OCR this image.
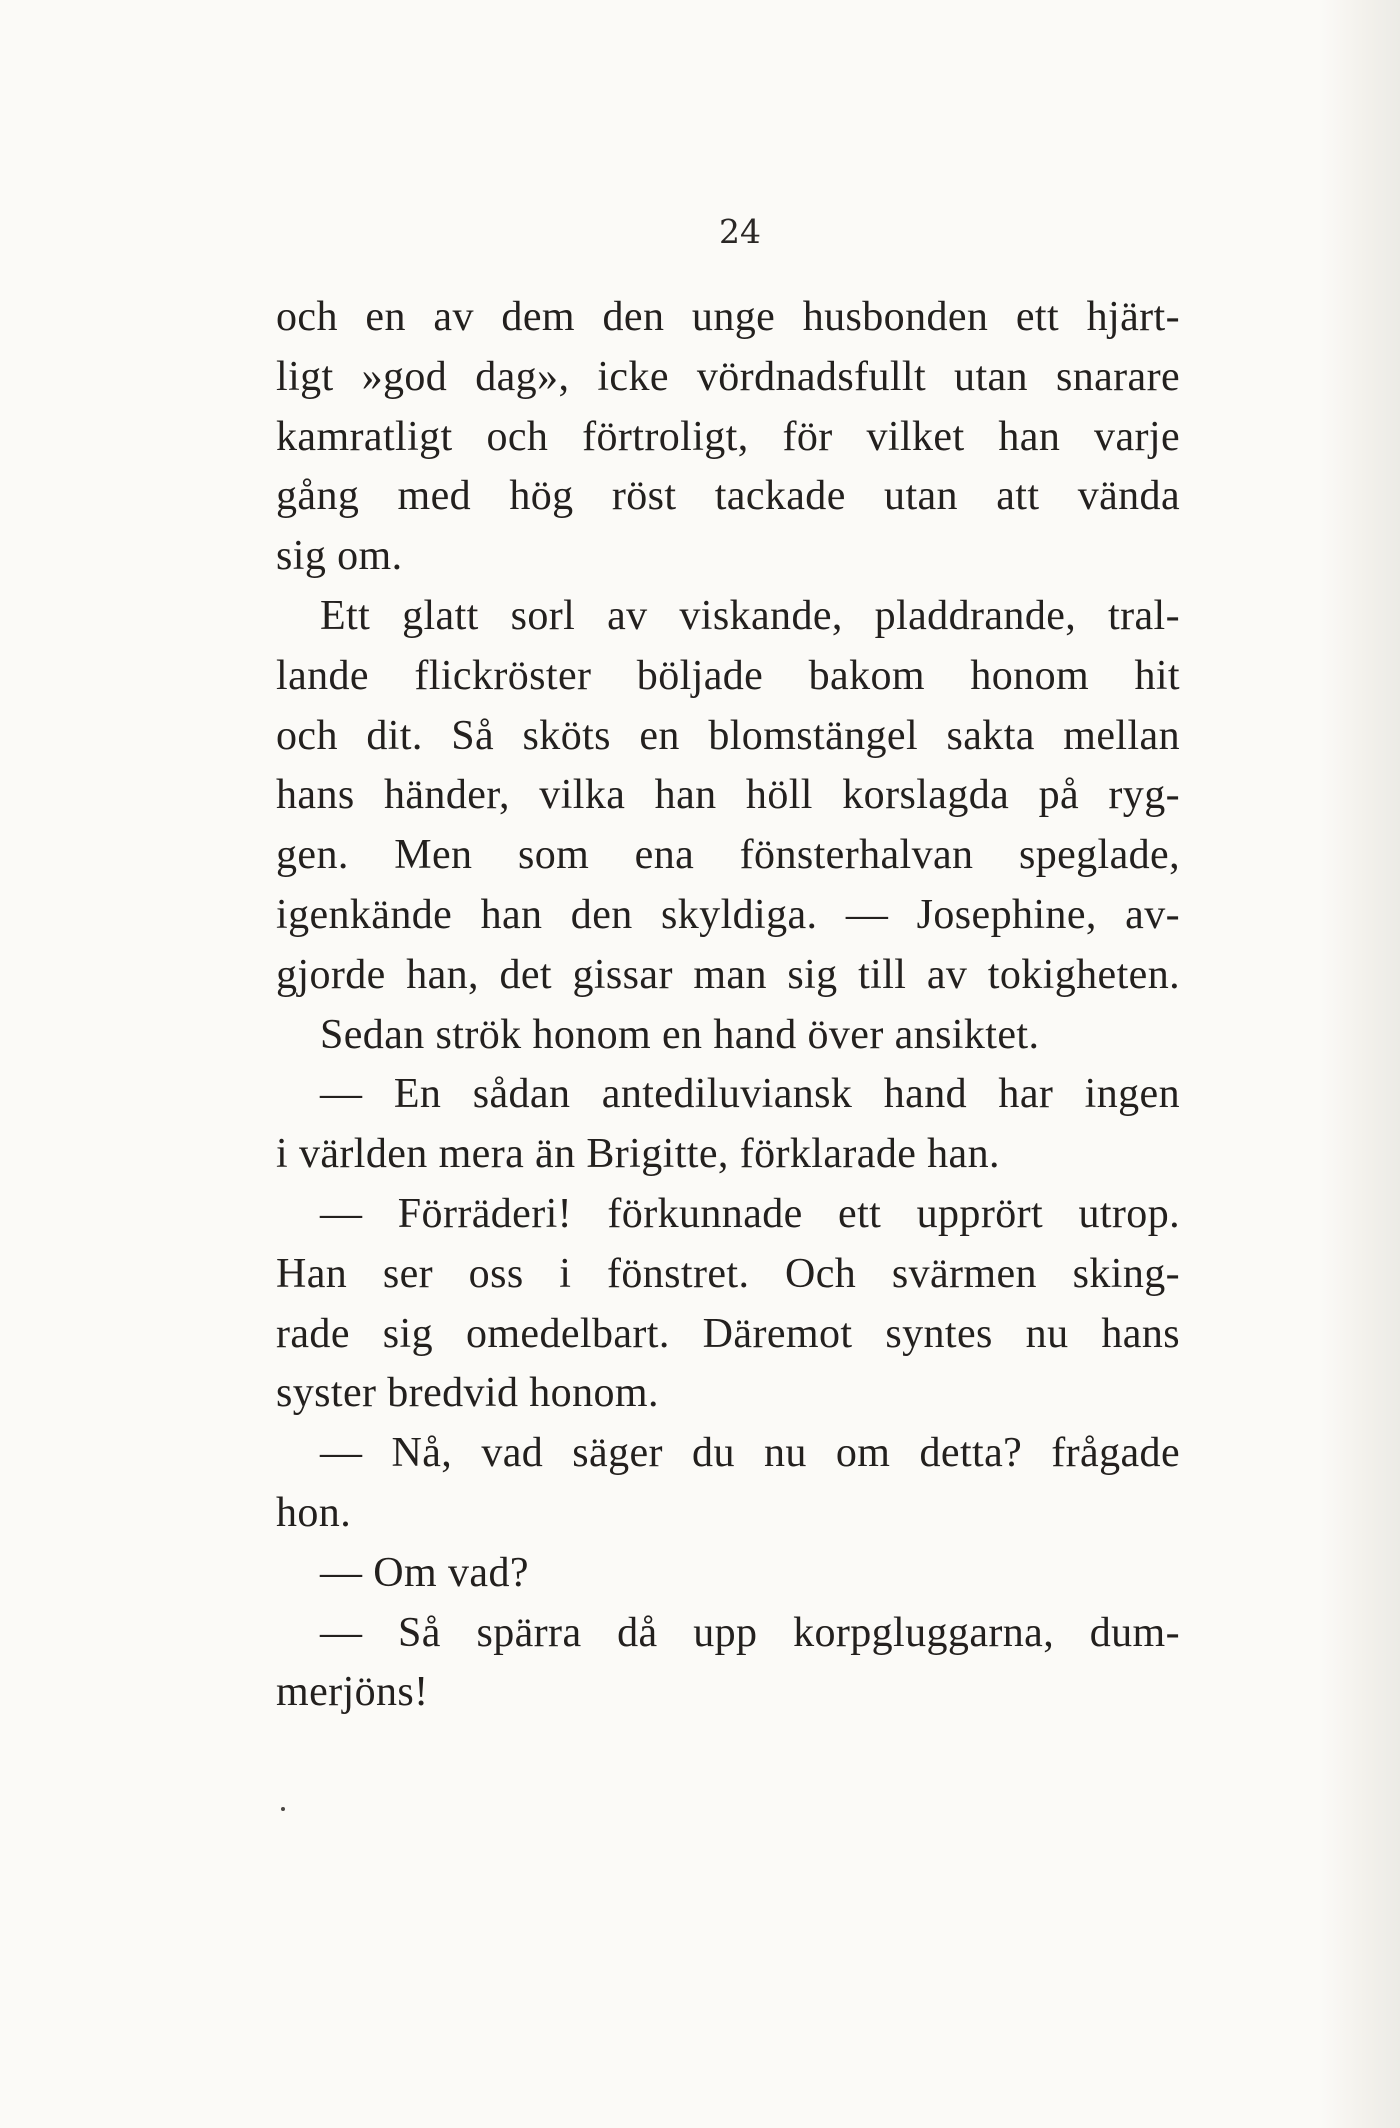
24
och en av dem den unge husbonden ett hjärt-
ligt »god dag», icke vördnadsfullt utan snarare
kamratligt och förtroligt, för vilket han varje
gång med hög röst tackade utan att vända
sig om.
Ett glatt sorl av viskande, pladdrande, tral-
lande flickröster böljade bakom honom hit
och dit. Så sköts en blomstängel sakta mellan
hans händer, vilka han höll korslagda på ryg-
gen. Men som ena fönsterhalvan speglade,
igenkände han den skyldiga. — Josephine, av-
gjorde han, det gissar man sig till av tokigheten.
Sedan strök honom en hand över ansiktet.
— En sådan antediluviansk hand har ingen
i världen mera än Brigitte, förklarade han.
— Förräderi! förkunnade ett upprört utrop.
Han ser oss i fönstret. Och svärmen sking-
rade sig omedelbart. Däremot syntes nu hans
syster bredvid honom.
— Nå, vad säger du nu om detta? frågade
hon.
— Om vad?
— Så spärra då upp korpgluggarna, dum-
merjöns!
